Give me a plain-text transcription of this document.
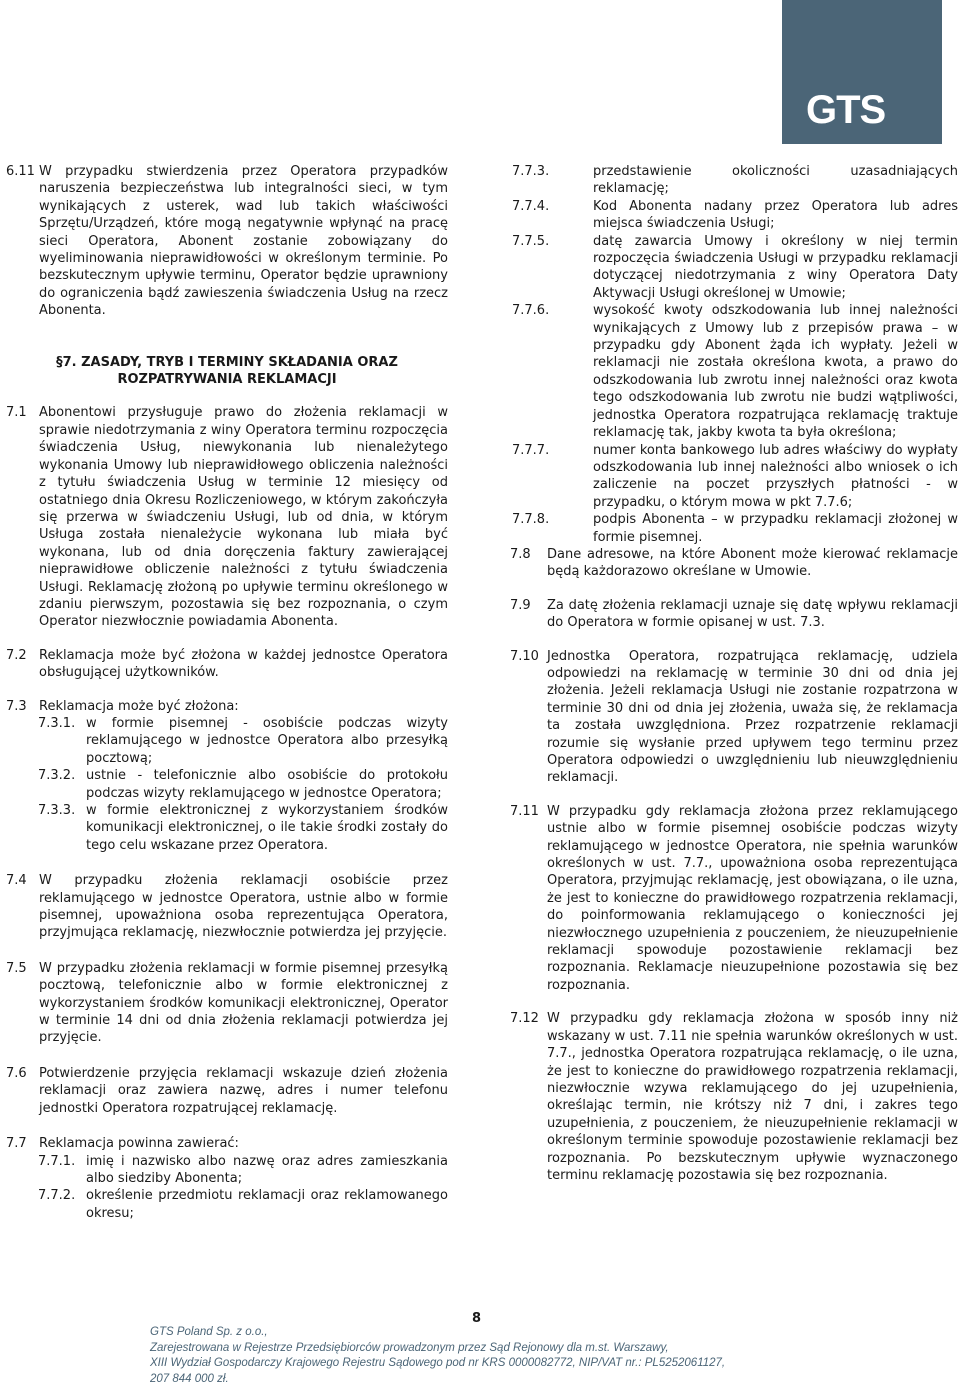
GTS
6.11 W przypadku stwierdzenia przez Operatora przypadków naruszenia bezpieczeństwa lub integralności sieci, w tym wynikających z usterek, wad lub takich właściwości Sprzętu/Urządzeń, które mogą negatywnie wpłynąć na pracę sieci Operatora, Abonent zostanie zobowiązany do wyeliminowania nieprawidłowości w określonym terminie. Po bezskutecznym upływie terminu, Operator będzie uprawniony do ograniczenia bądź zawieszenia świadczenia Usług na rzecz Abonenta.
§7. ZASADY, TRYB I TERMINY SKŁADANIA ORAZ
ROZPATRYWANIA REKLAMACJI
7.1 Abonentowi przysługuje prawo do złożenia reklamacji w sprawie niedotrzymania z winy Operatora terminu rozpoczęcia świadczenia Usług, niewykonania lub nienależytego wykonania Umowy lub nieprawidłowego obliczenia należności z tytułu świadczenia Usług w terminie 12 miesięcy od ostatniego dnia Okresu Rozliczeniowego, w którym zakończyła się przerwa w świadczeniu Usługi, lub od dnia, w którym Usługa została nienależycie wykonana lub miała być wykonana, lub od dnia doręczenia faktury zawierającej nieprawidłowe obliczenie należności z tytułu świadczenia Usługi. Reklamację złożoną po upływie terminu określonego w zdaniu pierwszym, pozostawia się bez rozpoznania, o czym Operator niezwłocznie powiadamia Abonenta.
7.2 Reklamacja może być złożona w każdej jednostce Operatora obsługującej użytkowników.
7.3 Reklamacja może być złożona:
7.3.1. w formie pisemnej - osobiście podczas wizyty reklamującego w jednostce Operatora albo przesyłką pocztową;
7.3.2. ustnie - telefonicznie albo osobiście do protokołu podczas wizyty reklamującego w jednostce Operatora;
7.3.3. w formie elektronicznej z wykorzystaniem środków komunikacji elektronicznej, o ile takie środki zostały do tego celu wskazane przez Operatora.
7.4 W przypadku złożenia reklamacji osobiście przez reklamującego w jednostce Operatora, ustnie albo w formie pisemnej, upoważniona osoba reprezentująca Operatora, przyjmująca reklamację, niezwłocznie potwierdza jej przyjęcie.
7.5 W przypadku złożenia reklamacji w formie pisemnej przesyłką pocztową, telefonicznie albo w formie elektronicznej z wykorzystaniem środków komunikacji elektronicznej, Operator w terminie 14 dni od dnia złożenia reklamacji potwierdza jej przyjęcie.
7.6 Potwierdzenie przyjęcia reklamacji wskazuje dzień złożenia reklamacji oraz zawiera nazwę, adres i numer telefonu jednostki Operatora rozpatrującej reklamację.
7.7 Reklamacja powinna zawierać:
7.7.1. imię i nazwisko albo nazwę oraz adres zamieszkania albo siedziby Abonenta;
7.7.2. określenie przedmiotu reklamacji oraz reklamowanego okresu;
7.7.3.	przedstawienie okoliczności uzasadniających reklamację;
7.7.4.	Kod Abonenta nadany przez Operatora lub adres miejsca świadczenia Usługi;
7.7.5.	datę zawarcia Umowy i określony w niej termin rozpoczęcia świadczenia Usługi w przypadku reklamacji dotyczącej niedotrzymania z winy Operatora Daty Aktywacji Usługi określonej w Umowie;
7.7.6.	wysokość kwoty odszkodowania lub innej należności wynikających z Umowy lub z przepisów prawa – w przypadku gdy Abonent żąda ich wypłaty. Jeżeli w reklamacji nie została określona kwota, a prawo do odszkodowania lub zwrotu innej należności oraz kwota tego odszkodowania lub zwrotu nie budzi wątpliwości, jednostka Operatora rozpatrująca reklamację traktuje reklamację tak, jakby kwota ta była określona;
7.7.7.	numer konta bankowego lub adres właściwy do wypłaty odszkodowania lub innej należności albo wniosek o ich zaliczenie na poczet przyszłych płatności - w przypadku, o którym mowa w pkt 7.7.6;
7.7.8.	podpis Abonenta – w przypadku reklamacji złożonej w formie pisemnej.
7.8	Dane adresowe, na które Abonent może kierować reklamacje będą każdorazowo określane w Umowie.
7.9	Za datę złożenia reklamacji uznaje się datę wpływu reklamacji do Operatora w formie opisanej w ust. 7.3.
7.10 Jednostka Operatora, rozpatrująca reklamację, udziela odpowiedzi na reklamację w terminie 30 dni od dnia jej złożenia. Jeżeli reklamacja Usługi nie zostanie rozpatrzona w terminie 30 dni od dnia jej złożenia, uważa się, że reklamacja ta została uwzględniona. Przez rozpatrzenie reklamacji rozumie się wysłanie przed upływem tego terminu przez Operatora odpowiedzi o uwzględnieniu lub nieuwzględnieniu reklamacji.
7.11 W przypadku gdy reklamacja złożona przez reklamującego ustnie albo w formie pisemnej osobiście podczas wizyty reklamującego w jednostce Operatora, nie spełnia warunków określonych w ust. 7.7., upoważniona osoba reprezentująca Operatora, przyjmując reklamację, jest obowiązana, o ile uzna, że jest to konieczne do prawidłowego rozpatrzenia reklamacji, do poinformowania reklamującego o konieczności jej niezwłocznego uzupełnienia z pouczeniem, że nieuzupełnienie reklamacji spowoduje pozostawienie reklamacji bez rozpoznania. Reklamacje nieuzupełnione pozostawia się bez rozpoznania.
7.12 W przypadku gdy reklamacja złożona w sposób inny niż wskazany w ust. 7.11 nie spełnia warunków określonych w ust. 7.7., jednostka Operatora rozpatrująca reklamację, o ile uzna, że jest to konieczne do prawidłowego rozpatrzenia reklamacji, niezwłocznie wzywa reklamującego do jej uzupełnienia, określając termin, nie krótszy niż 7 dni, i zakres tego uzupełnienia, z pouczeniem, że nieuzupełnienie reklamacji w określonym terminie spowoduje pozostawienie reklamacji bez rozpoznania. Po bezskutecznym upływie wyznaczonego terminu reklamację pozostawia się bez rozpoznania.
8
GTS Poland Sp. z o.o.,
Zarejestrowana w Rejestrze Przedsiębiorców prowadzonym przez Sąd Rejonowy dla m.st. Warszawy,
XIII Wydział Gospodarczy Krajowego Rejestru Sądowego pod nr KRS 0000082772, NIP/VAT nr.: PL5252061127,
207 844 000 zł.
